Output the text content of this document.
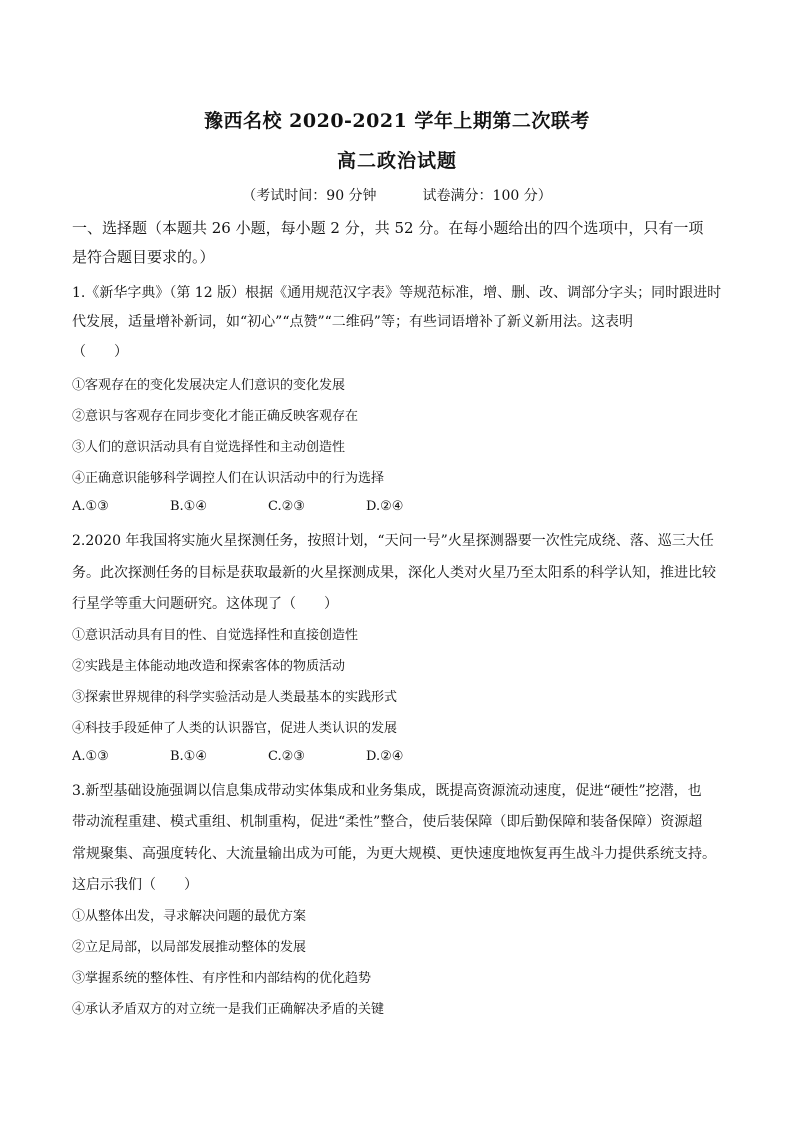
豫西名校 2020-2021 学年上期第二次联考
高二政治试题
（考试时间：90 分钟	试卷满分：100 分）
一、选择题（本题共 26 小题，每小题 2 分，共 52 分。在每小题给出的四个选项中，只有一项
是符合题目要求的。）
1.《新华字典》（第 12 版）根据《通用规范汉字表》等规范标准，增、删、改、调部分字头；同时跟进时
代发展，适量增补新词，如“初心”“点赞”“二维码”等；有些词语增补了新义新用法。这表明
（　　）
①客观存在的变化发展决定人们意识的变化发展
②意识与客观存在同步变化才能正确反映客观存在
③人们的意识活动具有自觉选择性和主动创造性
④正确意识能够科学调控人们在认识活动中的行为选择
A.①③	B.①④	C.②③	D.②④
2.2020 年我国将实施火星探测任务，按照计划，“天问一号”火星探测器要一次性完成绕、落、巡三大任
务。此次探测任务的目标是获取最新的火星探测成果，深化人类对火星乃至太阳系的科学认知，推进比较
行星学等重大问题研究。这体现了（　　）
①意识活动具有目的性、自觉选择性和直接创造性
②实践是主体能动地改造和探索客体的物质活动
③探索世界规律的科学实验活动是人类最基本的实践形式
④科技手段延伸了人类的认识器官，促进人类认识的发展
A.①③	B.①④	C.②③	D.②④
3.新型基础设施强调以信息集成带动实体集成和业务集成，既提高资源流动速度，促进“硬性”挖潜，也
带动流程重建、模式重组、机制重构，促进“柔性”整合，使后装保障（即后勤保障和装备保障）资源超
常规聚集、高强度转化、大流量输出成为可能，为更大规模、更快速度地恢复再生战斗力提供系统支持。
这启示我们（　　）
①从整体出发，寻求解决问题的最优方案
②立足局部，以局部发展推动整体的发展
③掌握系统的整体性、有序性和内部结构的优化趋势
④承认矛盾双方的对立统一是我们正确解决矛盾的关键
